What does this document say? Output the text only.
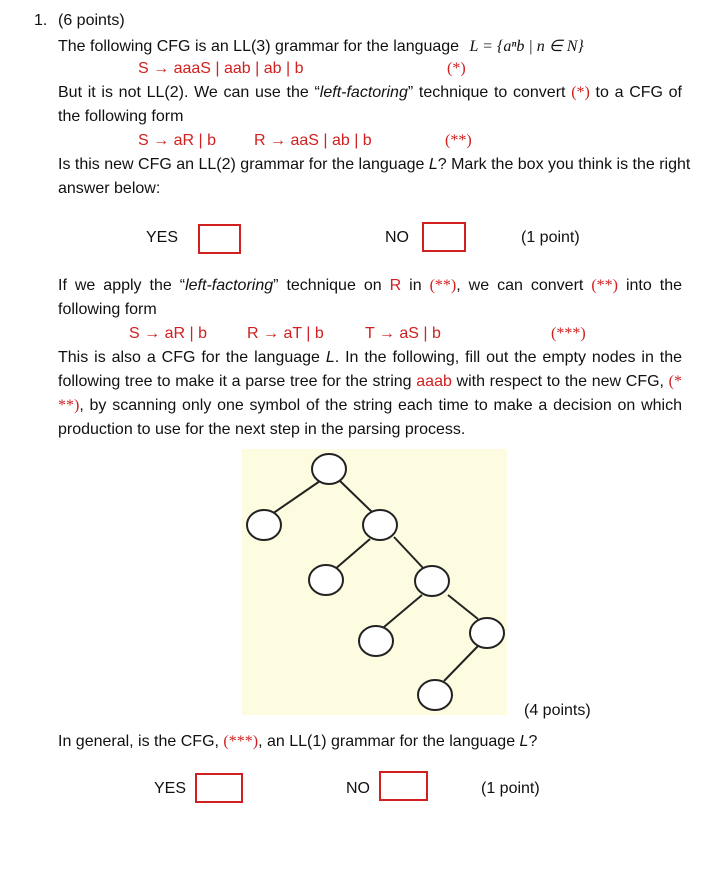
1. (6 points)
The following CFG is an LL(3) grammar for the language L = {aⁿb | n ∈ N}
S → aaaS | aab | ab | b	(*)
But it is not LL(2). We can use the “left-factoring” technique to convert (*) to a CFG of
the following form
S → aR | b R → aaS | ab | b	(**)
Is this new CFG an LL(2) grammar for the language L? Mark the box you think is the right
answer below:
YES	NO	(1 point)
If we apply the “left-factoring” technique on R in (**), we can convert (**) into the
following form
S → aR | b	R → aT | b	T → aS | b	(***)
This is also a CFG for the language L. In the following, fill out the empty nodes in the
following tree to make it a parse tree for the string aaab with respect to the new CFG, (*
**), by scanning only one symbol of the string each time to make a decision on which
production to use for the next step in the parsing process.
(4 points)
In general, is the CFG, (***), an LL(1) grammar for the language L?
YES	NO	(1 point)
